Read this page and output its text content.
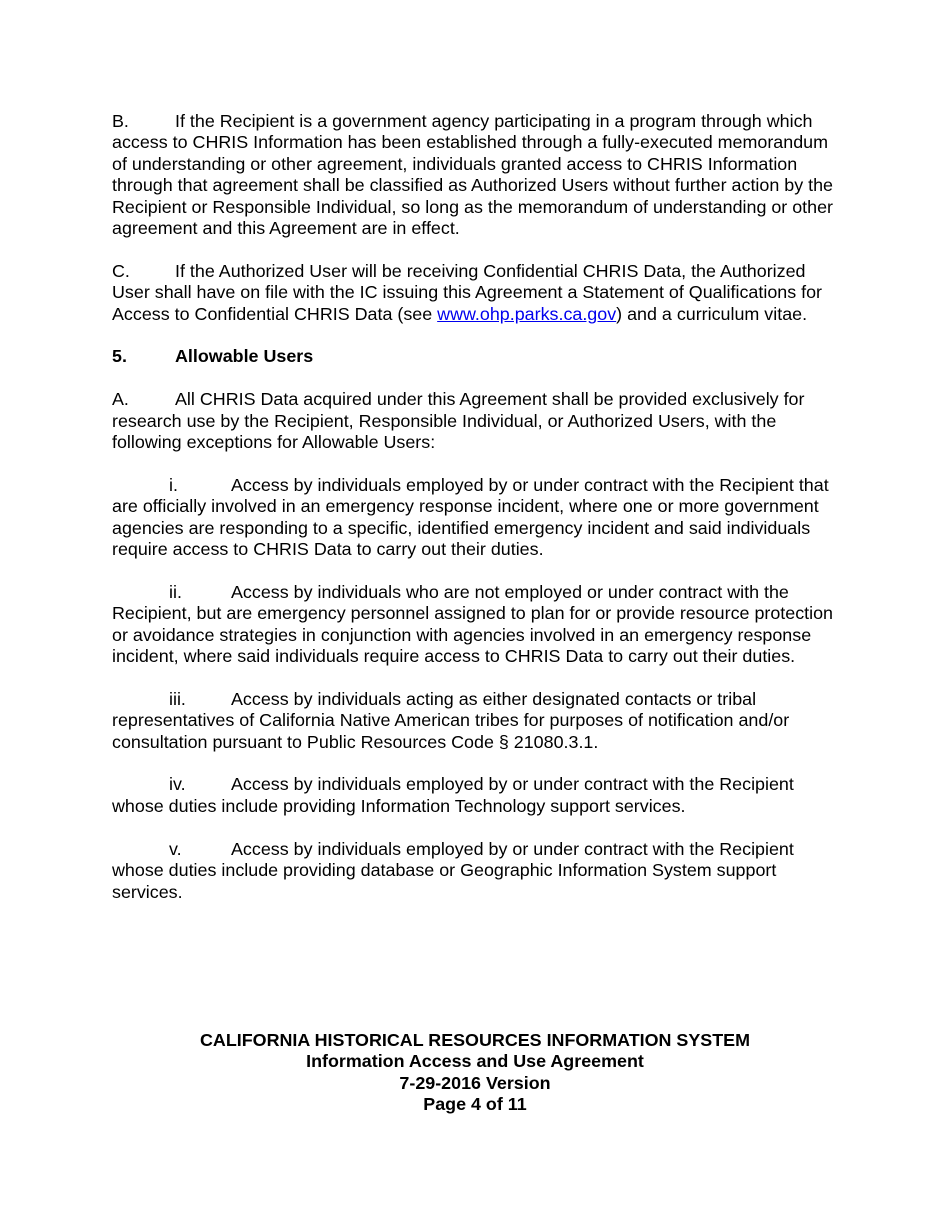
B.	If the Recipient is a government agency participating in a program through which access to CHRIS Information has been established through a fully-executed memorandum of understanding or other agreement, individuals granted access to CHRIS Information through that agreement shall be classified as Authorized Users without further action by the Recipient or Responsible Individual, so long as the memorandum of understanding or other agreement and this Agreement are in effect.

C.	If the Authorized User will be receiving Confidential CHRIS Data, the Authorized User shall have on file with the IC issuing this Agreement a Statement of Qualifications for Access to Confidential CHRIS Data (see www.ohp.parks.ca.gov) and a curriculum vitae.

5.	Allowable Users

A.	All CHRIS Data acquired under this Agreement shall be provided exclusively for research use by the Recipient, Responsible Individual, or Authorized Users, with the following exceptions for Allowable Users:

i.	Access by individuals employed by or under contract with the Recipient that are officially involved in an emergency response incident, where one or more government agencies are responding to a specific, identified emergency incident and said individuals require access to CHRIS Data to carry out their duties.

ii.	Access by individuals who are not employed or under contract with the Recipient, but are emergency personnel assigned to plan for or provide resource protection or avoidance strategies in conjunction with agencies involved in an emergency response incident, where said individuals require access to CHRIS Data to carry out their duties.

iii.	Access by individuals acting as either designated contacts or tribal representatives of California Native American tribes for purposes of notification and/or consultation pursuant to Public Resources Code § 21080.3.1.

iv.	Access by individuals employed by or under contract with the Recipient whose duties include providing Information Technology support services.

v.	Access by individuals employed by or under contract with the Recipient whose duties include providing database or Geographic Information System support services.

CALIFORNIA HISTORICAL RESOURCES INFORMATION SYSTEM
Information Access and Use Agreement
7-29-2016 Version
Page 4 of 11
